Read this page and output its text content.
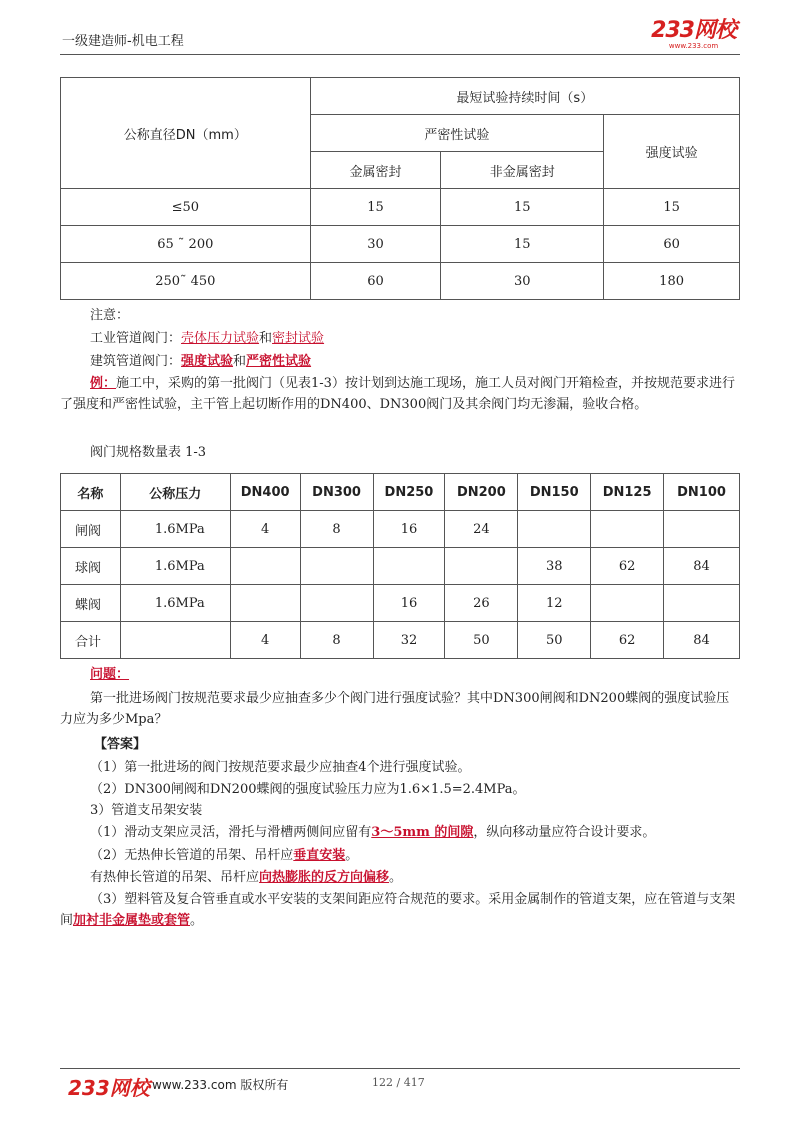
一级建造师-机电工程	233网校
www.233.com
公称直径DN（mm）	最短试验持续时间（s）		
	严密性试验		强度试验
	金属密封	非金属密封	
≤50	15	15	15
65 ˜ 200	30	15	60
250˜ 450	60	30	180
注意：
工业管道阀门：壳体压力试验和密封试验
建筑管道阀门：强度试验和严密性试验
例：施工中，采购的第一批阀门（见表1-3）按计划到达施工现场，施工人员对阀门开箱检查，并按规范要求进行了强度和严密性试验，主干管上起切断作用的DN400、DN300阀门及其余阀门均无渗漏，验收合格。
阀门规格数量表 1-3
名称	公称压力	DN400	DN300	DN250	DN200	DN150	DN125	DN100
闸阀	1.6MPa	4	8	16	24			
球阀	1.6MPa					38	62	84
蝶阀	1.6MPa			16	26	12		
合计		4	8	32	50	50	62	84
问题：
第一批进场阀门按规范要求最少应抽查多少个阀门进行强度试验？其中DN300闸阀和DN200蝶阀的强度试验压力应为多少Mpa？
【答案】
（1）第一批进场的阀门按规范要求最少应抽查4个进行强度试验。
（2）DN300闸阀和DN200蝶阀的强度试验压力应为1.6×1.5=2.4MPa。
3）管道支吊架安装
（1）滑动支架应灵活，滑托与滑槽两侧间应留有3～5mm 的间隙，纵向移动量应符合设计要求。
（2）无热伸长管道的吊架、吊杆应垂直安装。
有热伸长管道的吊架、吊杆应向热膨胀的反方向偏移。
（3）塑料管及复合管垂直或水平安装的支架间距应符合规范的要求。采用金属制作的管道支架，应在管道与支架间加衬非金属垫或套管。
233网校 www.233.com 版权所有	122 / 417
